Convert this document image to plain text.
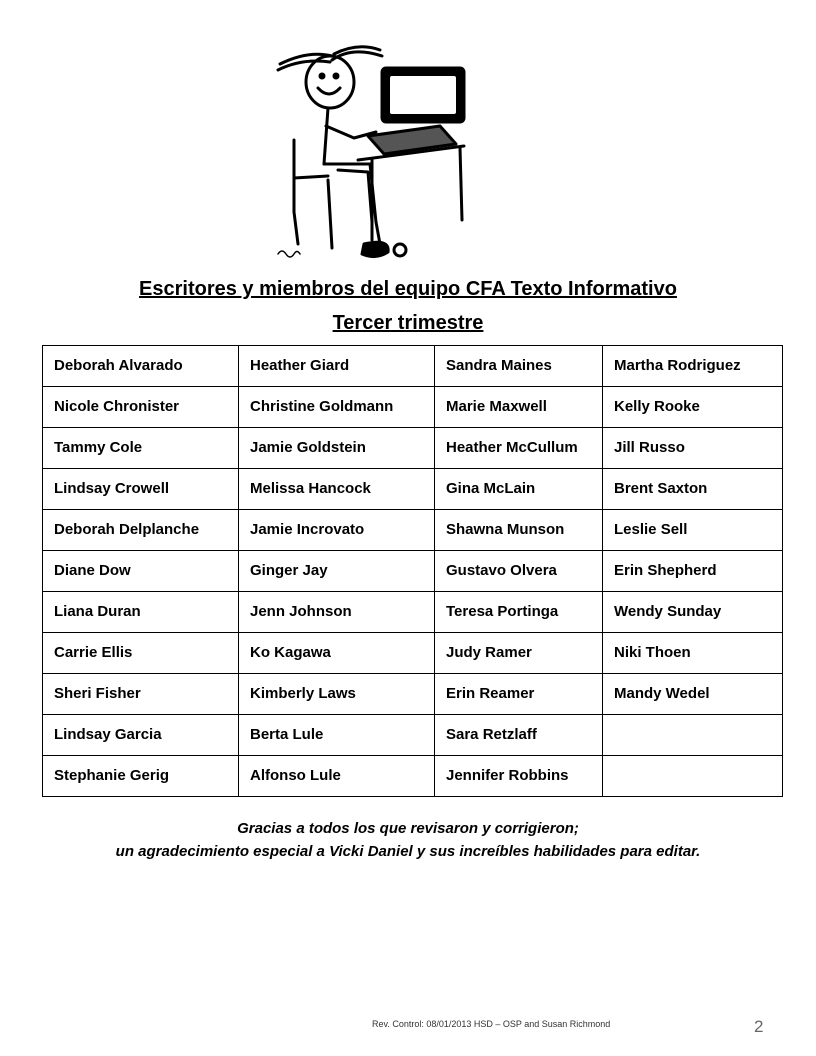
Escritores y miembros del equipo CFA Texto Informativo
Tercer trimestre
Deborah Alvarado	Heather Giard	Sandra Maines	Martha Rodriguez
Nicole Chronister	Christine Goldmann	Marie Maxwell	Kelly Rooke
Tammy Cole	Jamie Goldstein	Heather McCullum	Jill Russo
Lindsay Crowell	Melissa Hancock	Gina McLain	Brent Saxton
Deborah Delplanche	Jamie Incrovato	Shawna Munson	Leslie Sell
Diane Dow	Ginger Jay	Gustavo Olvera	Erin Shepherd
Liana Duran	Jenn Johnson	Teresa Portinga	Wendy Sunday
Carrie Ellis	Ko Kagawa	Judy Ramer	Niki Thoen
Sheri Fisher	Kimberly Laws	Erin Reamer	Mandy Wedel
Lindsay Garcia	Berta Lule	Sara Retzlaff	
Stephanie Gerig	Alfonso Lule	Jennifer Robbins	
Gracias a todos los que revisaron y corrigieron;
un agradecimiento especial a Vicki Daniel y sus increíbles habilidades para editar.
Rev. Control: 08/01/2013 HSD – OSP and Susan Richmond	2
